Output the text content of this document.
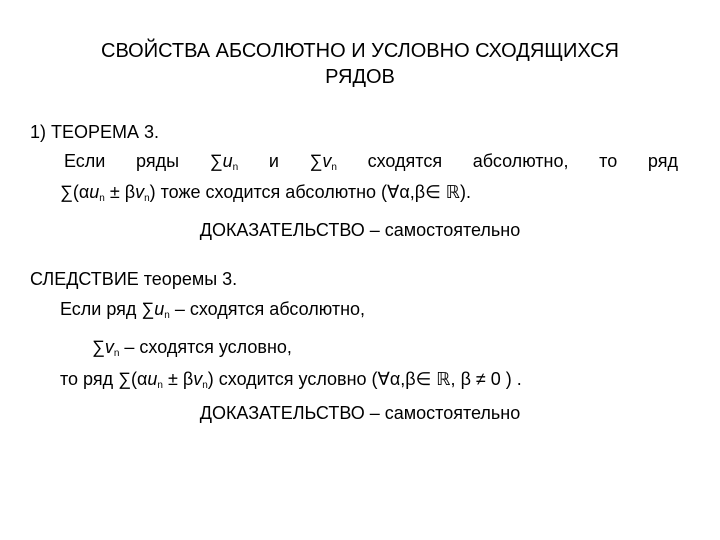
СВОЙСТВА АБСОЛЮТНО И УСЛОВНО СХОДЯЩИХСЯ
РЯДОВ
1) ТЕОРЕМА 3.
Если ряды $\sum u_n$ и $\sum v_n$ сходятся абсолютно, то ряд
$\sum(\alpha u_n \pm \beta v_n)$ тоже сходится абсолютно (∀α,β∈ ℝ).
ДОКАЗАТЕЛЬСТВО – самостоятельно
СЛЕДСТВИЕ теоремы 3.
Если ряд $\sum u_n$ – сходятся абсолютно,
$\sum v_n$ – сходятся условно,
то ряд $\sum(\alpha u_n \pm \beta v_n)$ сходится условно (∀α,β∈ ℝ, β ≠ 0 ) .
ДОКАЗАТЕЛЬСТВО – самостоятельно
